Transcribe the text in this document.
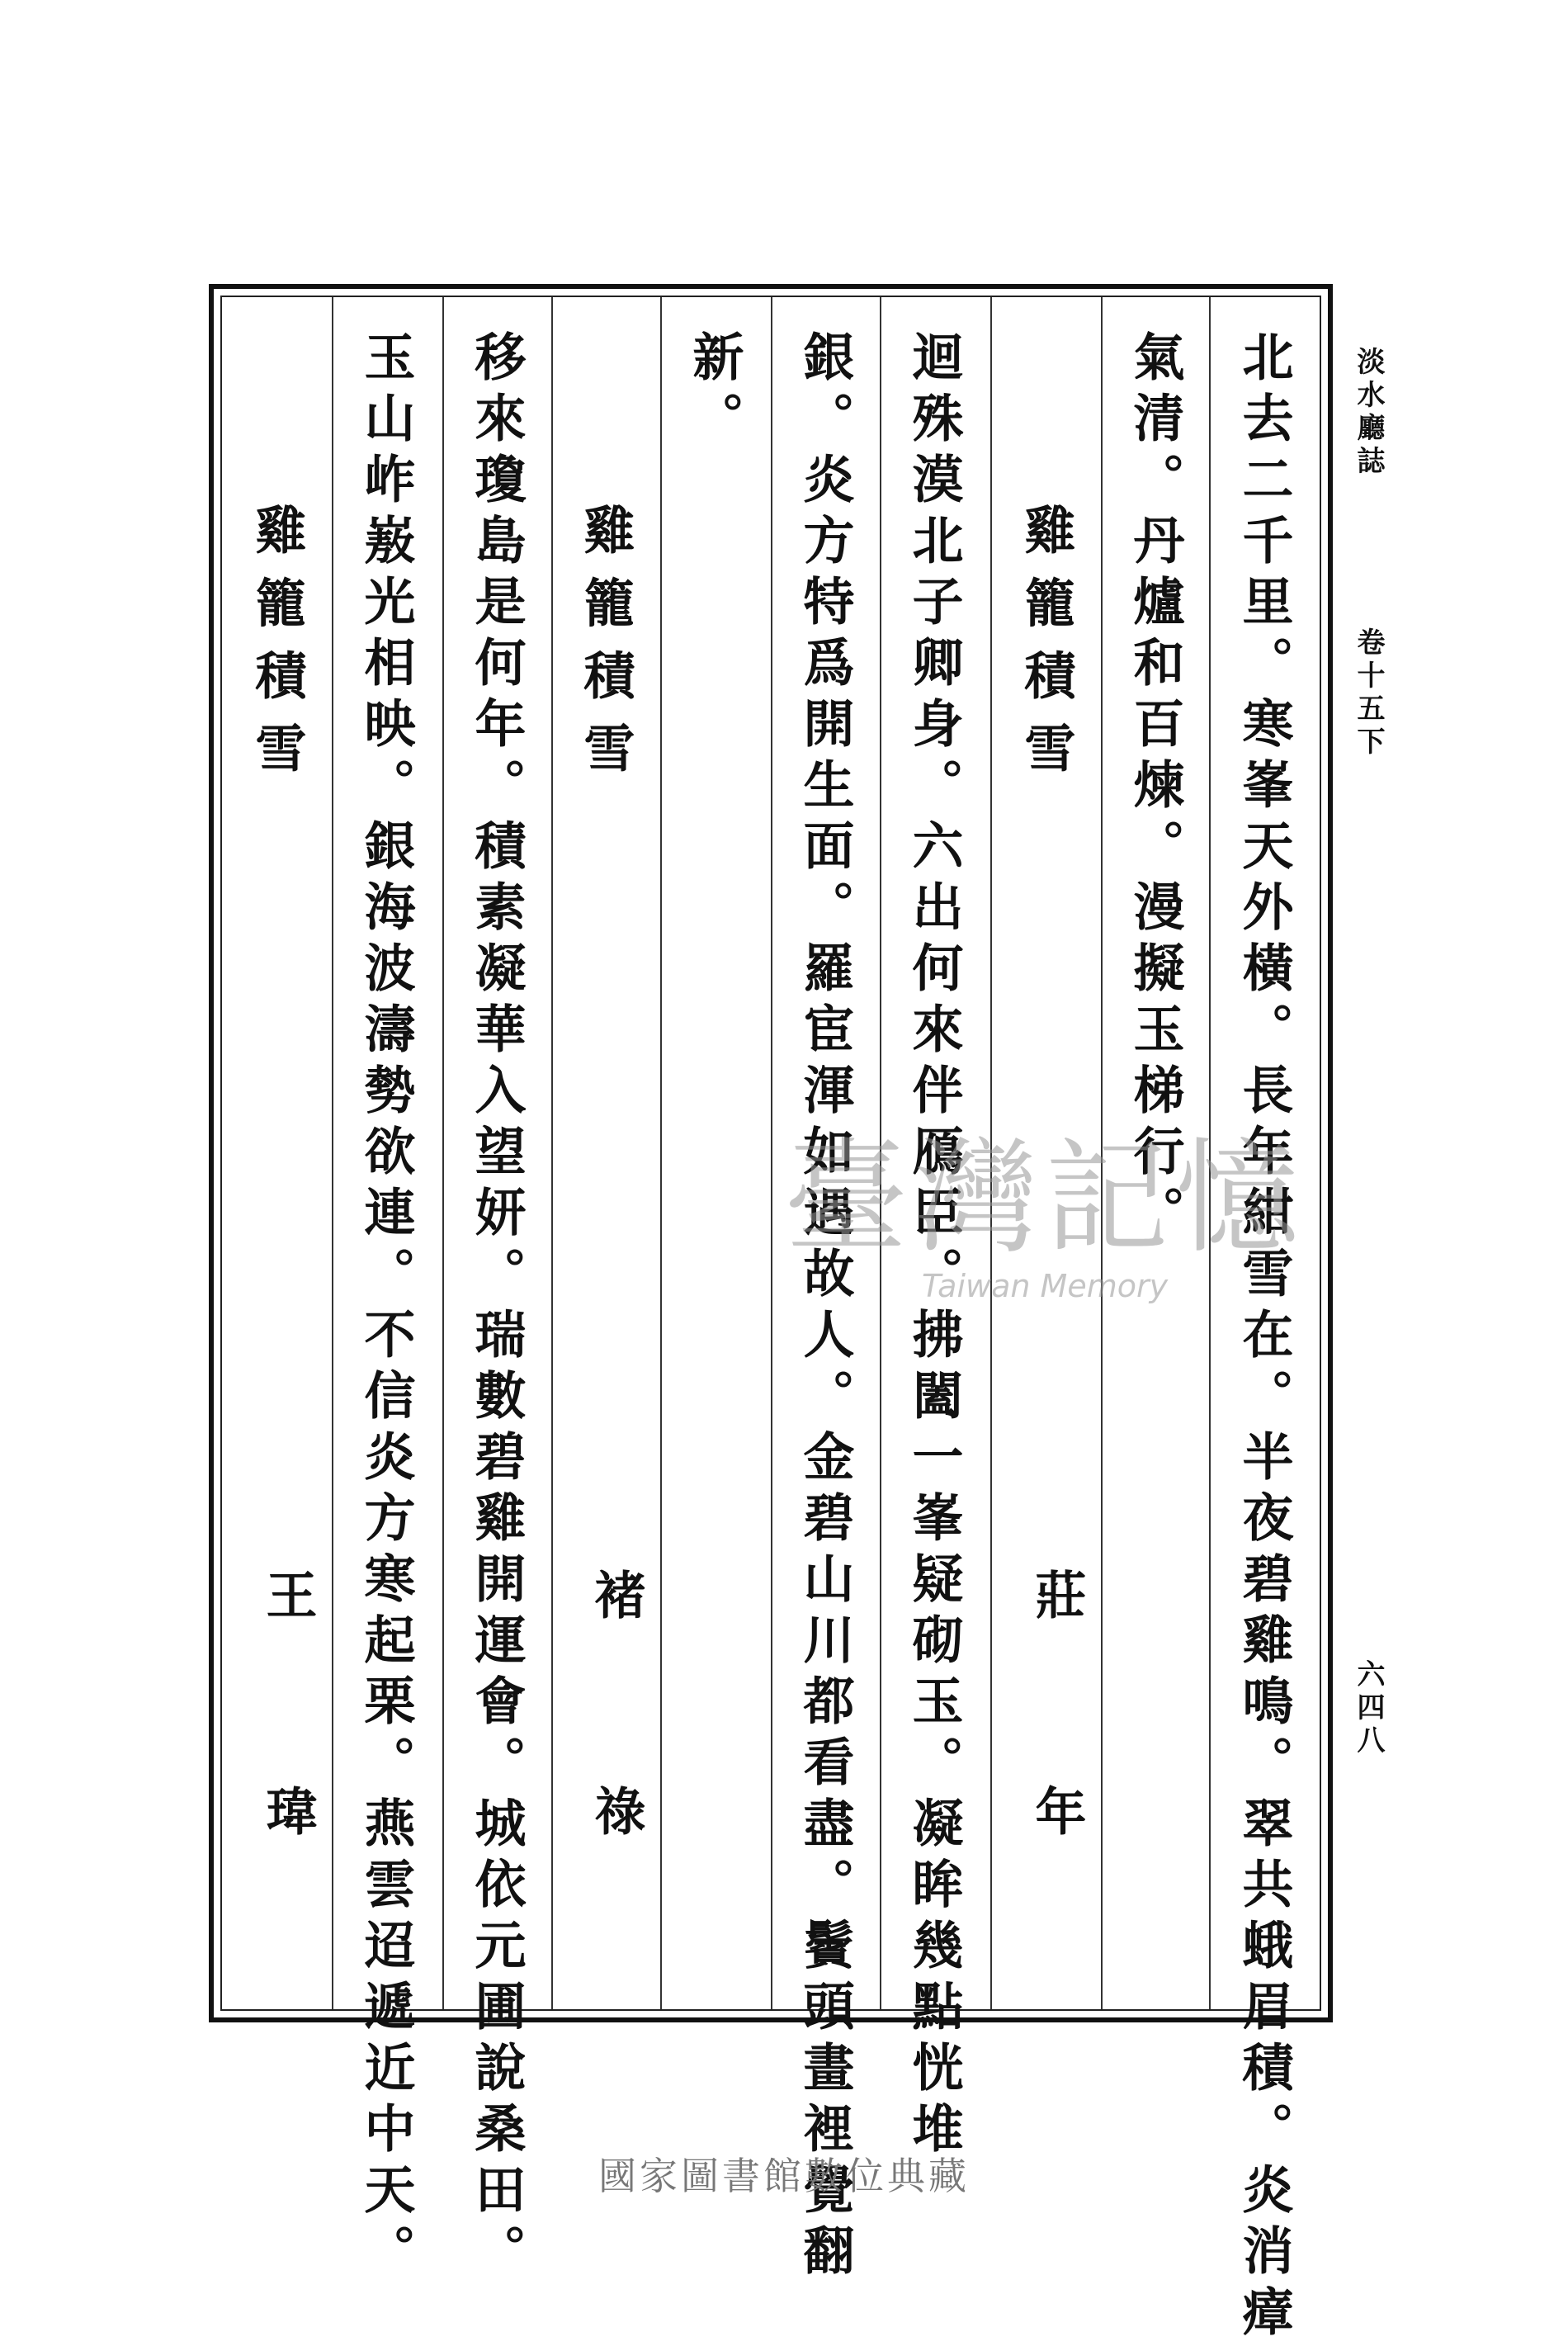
淡水廳誌
卷十五下
六四八
北去二千里。寒峯天外橫。長年紺雪在。半夜碧雞鳴。翠共蛾眉積。炎消瘴
氣清。丹爐和百煉。漫擬玉梯行。
雞籠積雪
莊年
迴殊漠北子卿身。六出何來伴鴈臣。拂闔一峯疑砌玉。凝眸幾點恍堆
銀。炎方特爲開生面。羅宦渾如遇故人。金碧山川都看盡。鬢頭畫裡覺翻
新。
雞籠積雪
褚祿
移來瓊島是何年。積素凝華入望妍。瑞數碧雞開運會。城依元圃說桑田。
玉山岞㟼光相映。銀海波濤勢欲連。不信炎方寒起栗。燕雲迢遞近中天。
雞籠積雪
王瑋
臺灣記憶
Taiwan Memory
國家圖書館數位典藏
